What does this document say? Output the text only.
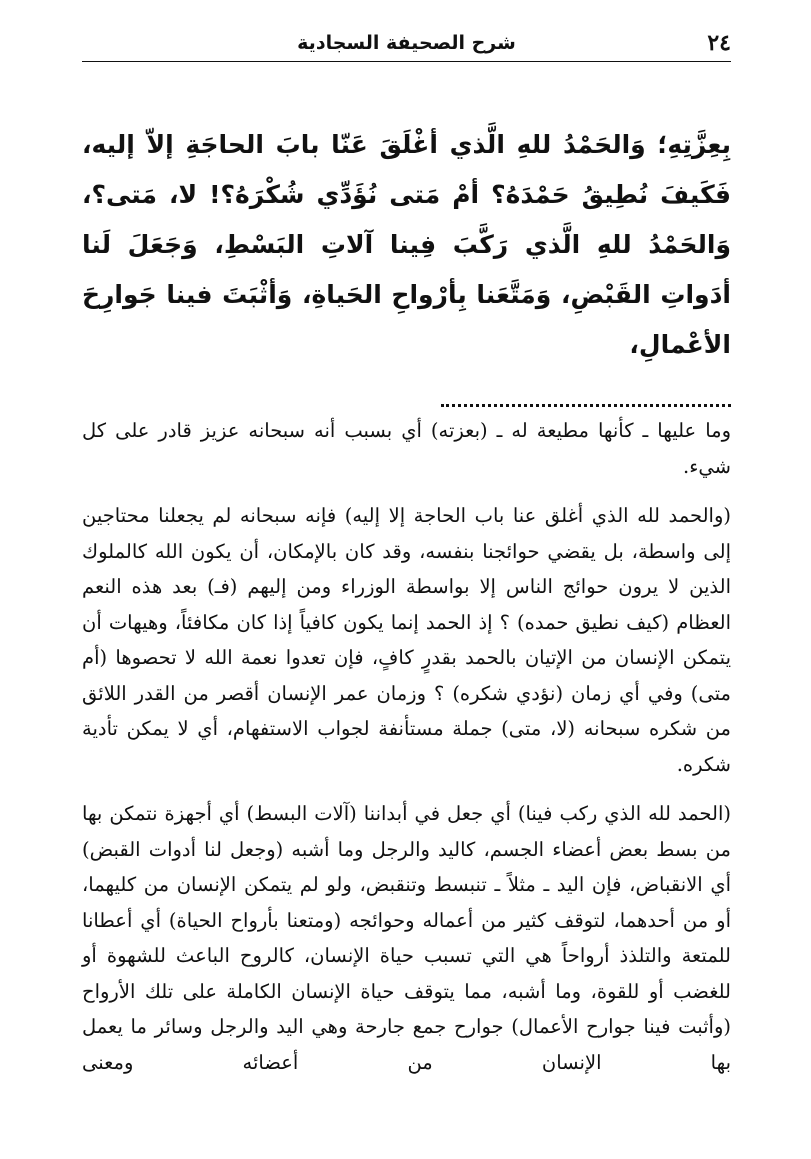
٢٤
شرح الصحيفة السجادية
بِعِزَّتِهِ؛ وَالحَمْدُ للهِ الَّذي أغْلَقَ عَنّا بابَ الحاجَةِ إلاّ إليه، فَكَيفَ نُطِيقُ حَمْدَهُ؟ أمْ مَتى نُؤَدِّي شُكْرَهُ؟! لا، مَتى؟، وَالحَمْدُ للهِ الَّذي رَكَّبَ فِينا آلاتِ البَسْطِ، وَجَعَلَ لَنا أدَواتِ القَبْضِ، وَمَتَّعَنا بِأرْواحِ الحَياةِ، وَأثْبَتَ فينا جَوارِحَ الأعْمالِ،

وما عليها ـ كأنها مطيعة له ـ (بعزته) أي بسبب أنه سبحانه عزيز قادر على كل شيء.

(والحمد لله الذي أغلق عنا باب الحاجة إلا إليه) فإنه سبحانه لم يجعلنا محتاجين إلى واسطة، بل يقضي حوائجنا بنفسه، وقد كان بالإمكان، أن يكون الله كالملوك الذين لا يرون حوائج الناس إلا بواسطة الوزراء ومن إليهم (فـ) بعد هذه النعم العظام (كيف نطيق حمده) ؟ إذ الحمد إنما يكون كافياً إذا كان مكافئاً، وهيهات أن يتمكن الإنسان من الإتيان بالحمد بقدرٍ كافٍ، فإن تعدوا نعمة الله لا تحصوها (أم متى) وفي أي زمان (نؤدي شكره) ؟ وزمان عمر الإنسان أقصر من القدر اللائق من شكره سبحانه (لا، متى) جملة مستأنفة لجواب الاستفهام، أي لا يمكن تأدية شكره.

(الحمد لله الذي ركب فينا) أي جعل في أبداننا (آلات البسط) أي أجهزة نتمكن بها من بسط بعض أعضاء الجسم، كاليد والرجل وما أشبه (وجعل لنا أدوات القبض) أي الانقباض، فإن اليد ـ مثلاً ـ تنبسط وتنقبض، ولو لم يتمكن الإنسان من كليهما، أو من أحدهما، لتوقف كثير من أعماله وحوائجه (ومتعنا بأرواح الحياة) أي أعطانا للمتعة والتلذذ أرواحاً هي التي تسبب حياة الإنسان، كالروح الباعث للشهوة أو للغضب أو للقوة، وما أشبه، مما يتوقف حياة الإنسان الكاملة على تلك الأرواح (وأثبت فينا جوارح الأعمال) جوارح جمع جارحة وهي اليد والرجل وسائر ما يعمل بها الإنسان من أعضائه ومعنى
